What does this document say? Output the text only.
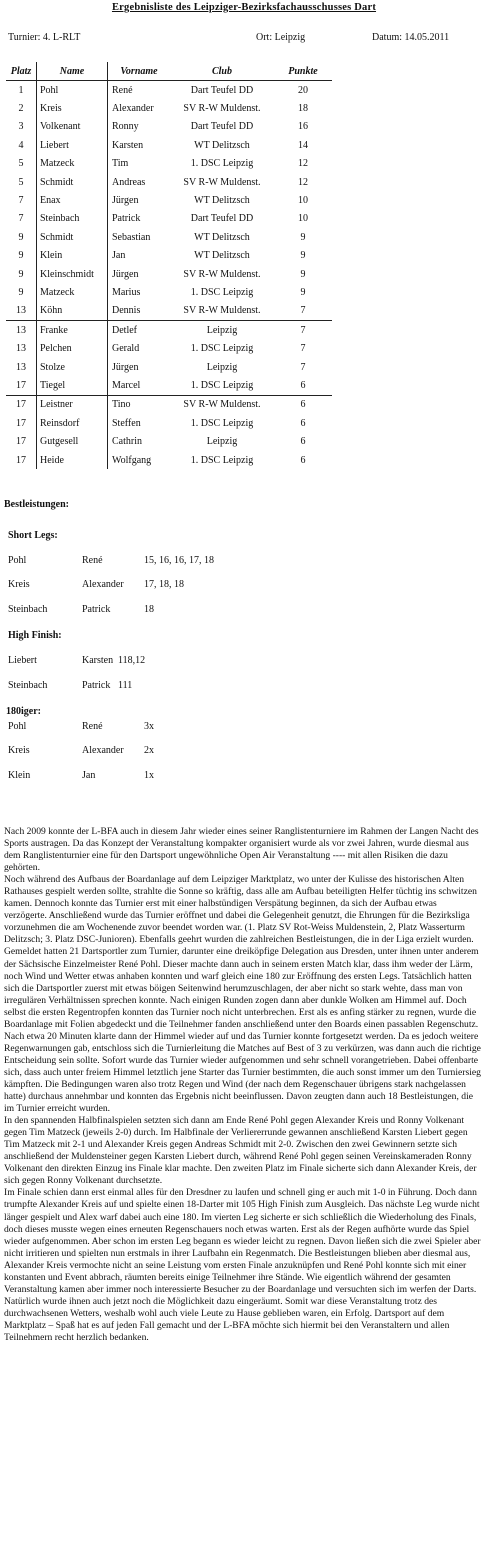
Ergebnisliste des Leipziger-Bezirksfachausschusses Dart
Turnier: 4. L-RLT	Ort: Leipzig	Datum: 14.05.2011
Platz	Name	Vorname	Club	Punkte
1	Pohl	René	Dart Teufel DD	20
2	Kreis	Alexander	SV R-W Muldenst.	18
3	Volkenant	Ronny	Dart Teufel DD	16
4	Liebert	Karsten	WT Delitzsch	14
5	Matzeck	Tim	1. DSC Leipzig	12
5	Schmidt	Andreas	SV R-W Muldenst.	12
7	Enax	Jürgen	WT Delitzsch	10
7	Steinbach	Patrick	Dart Teufel DD	10
9	Schmidt	Sebastian	WT Delitzsch	9
9	Klein	Jan	WT Delitzsch	9
9	Kleinschmidt	Jürgen	SV R-W Muldenst.	9
9	Matzeck	Marius	1. DSC Leipzig	9
13	Köhn	Dennis	SV R-W Muldenst.	7
13	Franke	Detlef	Leipzig	7
13	Pelchen	Gerald	1. DSC Leipzig	7
13	Stolze	Jürgen	Leipzig	7
17	Tiegel	Marcel	1. DSC Leipzig	6
17	Leistner	Tino	SV R-W Muldenst.	6
17	Reinsdorf	Steffen	1. DSC Leipzig	6
17	Gutgesell	Cathrin	Leipzig	6
17	Heide	Wolfgang	1. DSC Leipzig	6
Bestleistungen:
Short Legs:
Pohl	René	15, 16, 16, 17, 18
Kreis	Alexander 17, 18, 18
Steinbach	Patrick	18
High Finish:
Liebert	Karsten 118,12
Steinbach	Patrick 111
180iger:
Pohl	René	3x
Kreis	Alexander 2x
Klein	Jan	1x

Nach 2009 konnte der L-BFA auch in diesem Jahr wieder eines seiner Ranglistenturniere im Rahmen der Langen Nacht des Sports austragen. Da das Konzept der Veranstaltung kompakter organisiert wurde als vor zwei Jahren, wurde diesmal aus dem Ranglistenturnier eine für den Dartsport ungewöhnliche Open Air Veranstaltung ---- mit allen Risiken die dazu gehörten.
Noch während des Aufbaus der Boardanlage auf dem Leipziger Marktplatz, wo unter der Kulisse des historischen Alten Rathauses gespielt werden sollte, strahlte die Sonne so kräftig, dass alle am Aufbau beteiligten Helfer tüchtig ins schwitzen kamen. Dennoch konnte das Turnier erst mit einer halbstündigen Verspätung beginnen, da sich der Aufbau etwas verzögerte. Anschließend wurde das Turnier eröffnet und dabei die Gelegenheit genutzt, die Ehrungen für die Bezirksliga vorzunehmen die am Wochenende zuvor beendet worden war. (1. Platz SV Rot-Weiss Muldenstein, 2, Platz Wasserturm Delitzsch; 3. Platz DSC-Junioren). Ebenfalls geehrt wurden die zahlreichen Bestleistungen, die in der Liga erzielt wurden.
Gemeldet hatten 21 Dartsportler zum Turnier, darunter eine dreiköpfige Delegation aus Dresden, unter ihnen unter anderem der Sächsische Einzelmeister René Pohl. Dieser machte dann auch in seinem ersten Match klar, dass ihm weder der Lärm, noch Wind und Wetter etwas anhaben konnten und warf gleich eine 180 zur Eröffnung des ersten Legs. Tatsächlich hatten sich die Dartsportler zuerst mit etwas böigen Seitenwind herumzuschlagen, der aber nicht so stark wehte, dass man von irregulären Verhältnissen sprechen konnte. Nach einigen Runden zogen dann aber dunkle Wolken am Himmel auf. Doch selbst die ersten Regentropfen konnten das Turnier noch nicht unterbrechen. Erst als es anfing stärker zu regnen, wurde die Boardanlage mit Folien abgedeckt und die Teilnehmer fanden anschließend unter den Boards einen passablen Regenschutz. Nach etwa 20 Minuten klarte dann der Himmel wieder auf und das Turnier konnte fortgesetzt werden. Da es jedoch weitere Regenwarnungen gab, entschloss sich die Turnierleitung die Matches auf Best of 3 zu verkürzen, was dann auch die richtige Entscheidung sein sollte. Sofort wurde das Turnier wieder aufgenommen und sehr schnell vorangetrieben. Dabei offenbarte sich, dass auch unter freiem Himmel letztlich jene Starter das Turnier bestimmten, die auch sonst immer um den Turniersieg kämpften. Die Bedingungen waren also trotz Regen und Wind (der nach dem Regenschauer übrigens stark nachgelassen hatte) durchaus annehmbar und konnten das Ergebnis nicht beeinflussen. Davon zeugten dann auch 18 Bestleistungen, die im Turnier erreicht wurden.
In den spannenden Halbfinalspielen setzten sich dann am Ende René Pohl gegen Alexander Kreis und Ronny Volkenant gegen Tim Matzeck (jeweils 2-0) durch. Im Halbfinale der Verliererrunde gewannen anschließend Karsten Liebert gegen Tim Matzeck mit 2-1 und Alexander Kreis gegen Andreas Schmidt mit 2-0. Zwischen den zwei Gewinnern setzte sich anschließend der Muldensteiner gegen Karsten Liebert durch, während René Pohl gegen seinen Vereinskameraden Ronny Volkenant den direkten Einzug ins Finale klar machte. Den zweiten Platz im Finale sicherte sich dann Alexander Kreis, der sich gegen Ronny Volkenant durchsetzte.
Im Finale schien dann erst einmal alles für den Dresdner zu laufen und schnell ging er auch mit 1-0 in Führung. Doch dann trumpfte Alexander Kreis auf und spielte einen 18-Darter mit 105 High Finish zum Ausgleich. Das nächste Leg wurde nicht länger gespielt und Alex warf dabei auch eine 180. Im vierten Leg sicherte er sich schließlich die Wiederholung des Finals, doch dieses musste wegen eines erneuten Regenschauers noch etwas warten. Erst als der Regen aufhörte wurde das Spiel wieder aufgenommen. Aber schon im ersten Leg begann es wieder leicht zu regnen. Davon ließen sich die zwei Spieler aber nicht irritieren und spielten nun erstmals in ihrer Laufbahn ein Regenmatch. Die Bestleistungen blieben aber diesmal aus, Alexander Kreis vermochte nicht an seine Leistung vom ersten Finale anzuknüpfen und René Pohl konnte sich mit einer konstanten und Event abbrach, räumten bereits einige Teilnehmer ihre Stände. Wie eigentlich während der gesamten Veranstaltung kamen aber immer noch interessierte Besucher zu der Boardanlage und versuchten sich im werfen der Darts. Natürlich wurde ihnen auch jetzt noch die Möglichkeit dazu eingeräumt. Somit war diese Veranstaltung trotz des durchwachsenen Wetters, weshalb wohl auch viele Leute zu Hause geblieben waren, ein Erfolg. Dartsport auf dem Marktplatz – Spaß hat es auf jeden Fall gemacht und der L-BFA möchte sich hiermit bei den Veranstaltern und allen Teilnehmern recht herzlich bedanken.
